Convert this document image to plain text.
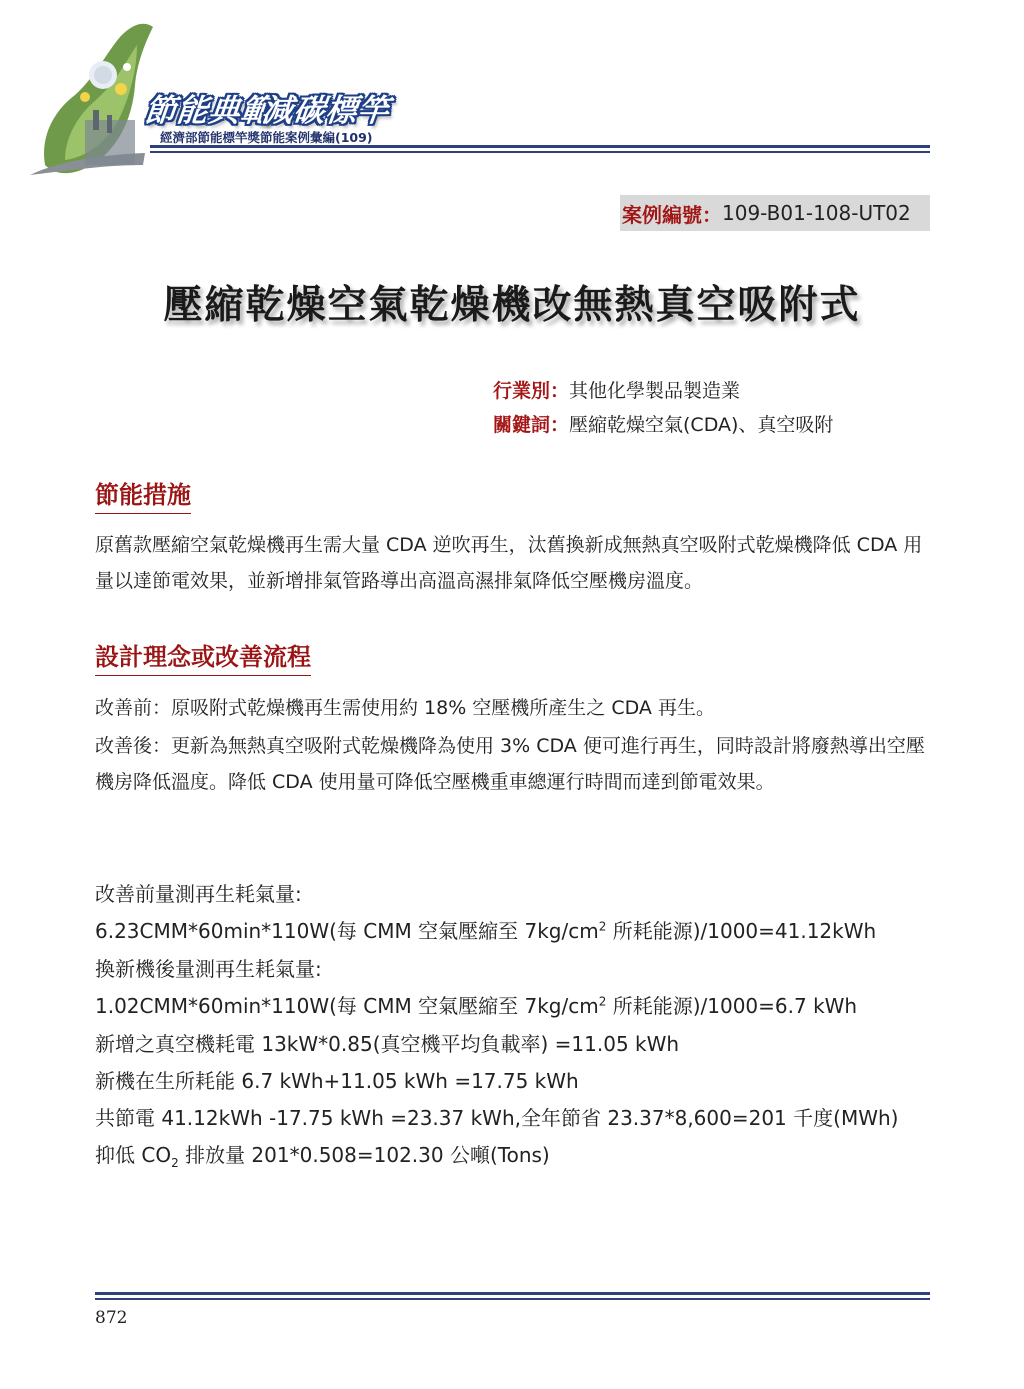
節能典範
減碳標竿
經濟部節能標竿獎節能案例彙編(109)
案例編號： 109-B01-108-UT02
壓縮乾燥空氣乾燥機改無熱真空吸附式
行業別：其他化學製品製造業
關鍵詞：壓縮乾燥空氣(CDA)、真空吸附
節能措施
原舊款壓縮空氣乾燥機再生需大量 CDA 逆吹再生，汰舊換新成無熱真空吸附式乾燥機降低 CDA 用量以達節電效果，並新增排氣管路導出高溫高濕排氣降低空壓機房溫度。
設計理念或改善流程
改善前：原吸附式乾燥機再生需使用約 18% 空壓機所產生之 CDA 再生。
改善後：更新為無熱真空吸附式乾燥機降為使用 3% CDA 便可進行再生，同時設計將廢熱導出空壓機房降低溫度。降低 CDA 使用量可降低空壓機重車總運行時間而達到節電效果。
改善前量測再生耗氣量:
6.23CMM*60min*110W(每 CMM 空氣壓縮至 $7kg/cm^2$ 所耗能源)/1000=41.12kWh
換新機後量測再生耗氣量:
1.02CMM*60min*110W(每 CMM 空氣壓縮至 $7kg/cm^2$ 所耗能源)/1000=6.7 kWh
新增之真空機耗電 13kW*0.85(真空機平均負載率) =11.05 kWh
新機在生所耗能 6.7 kWh+11.05 kWh =17.75 kWh
共節電 41.12kWh -17.75 kWh =23.37 kWh,全年節省 23.37*8,600=201 千度(MWh)
抑低 $CO_2$ 排放量 201*0.508=102.30 公噸(Tons)
872
